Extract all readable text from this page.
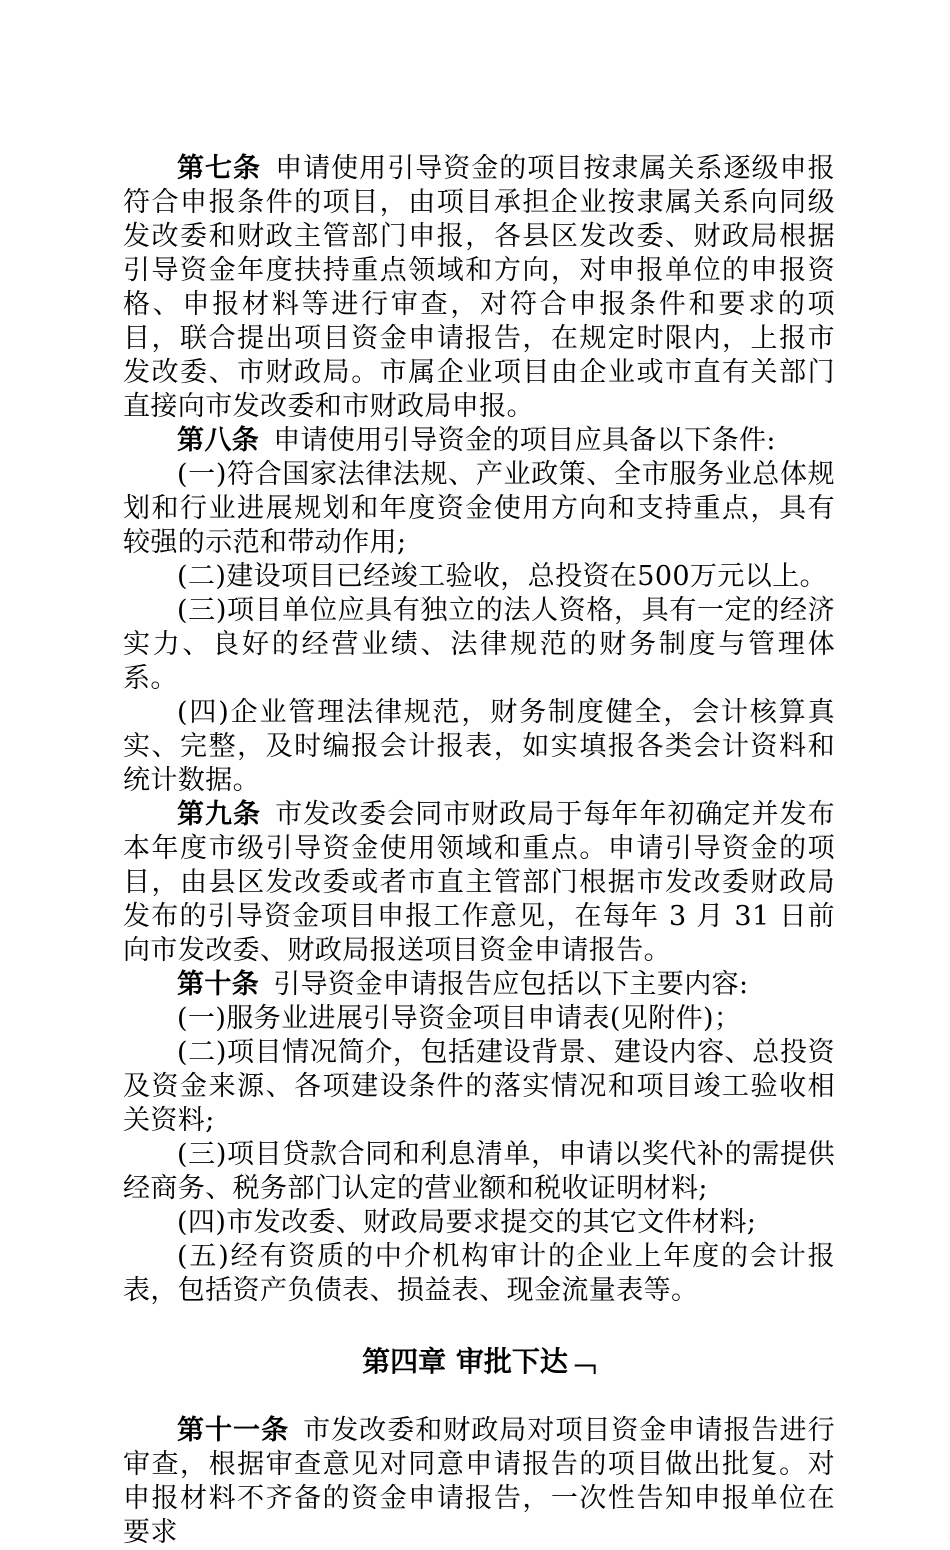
第七条 申请使用引导资金的项目按隶属关系逐级申报符合申报条件的项目，由项目承担企业按隶属关系向同级发改委和财政主管部门申报，各县区发改委、财政局根据引导资金年度扶持重点领域和方向，对申报单位的申报资格、申报材料等进行审查，对符合申报条件和要求的项目，联合提出项目资金申请报告，在规定时限内，上报市发改委、市财政局。市属企业项目由企业或市直有关部门直接向市发改委和市财政局申报。

第八条 申请使用引导资金的项目应具备以下条件:

(一)符合国家法律法规、产业政策、全市服务业总体规划和行业进展规划和年度资金使用方向和支持重点，具有较强的示范和带动作用;

(二)建设项目已经竣工验收，总投资在500万元以上。

(三)项目单位应具有独立的法人资格，具有一定的经济实力、良好的经营业绩、法律规范的财务制度与管理体系。

(四)企业管理法律规范，财务制度健全，会计核算真实、完整，及时编报会计报表，如实填报各类会计资料和统计数据。

第九条 市发改委会同市财政局于每年年初确定并发布本年度市级引导资金使用领域和重点。申请引导资金的项目，由县区发改委或者市直主管部门根据市发改委财政局发布的引导资金项目申报工作意见，在每年 3 月 31 日前向市发改委、财政局报送项目资金申请报告。

第十条 引导资金申请报告应包括以下主要内容:

(一)服务业进展引导资金项目申请表(见附件)；

(二)项目情况简介，包括建设背景、建设内容、总投资及资金来源、各项建设条件的落实情况和项目竣工验收相关资料;

(三)项目贷款合同和利息清单，申请以奖代补的需提供经商务、税务部门认定的营业额和税收证明材料;

(四)市发改委、财政局要求提交的其它文件材料;

(五)经有资质的中介机构审计的企业上年度的会计报表，包括资产负债表、损益表、现金流量表等。

第四章 审批下达﹁

第十一条 市发改委和财政局对项目资金申请报告进行审查，根据审查意见对同意申请报告的项目做出批复。对申报材料不齐备的资金申请报告，一次性告知申报单位在要求
